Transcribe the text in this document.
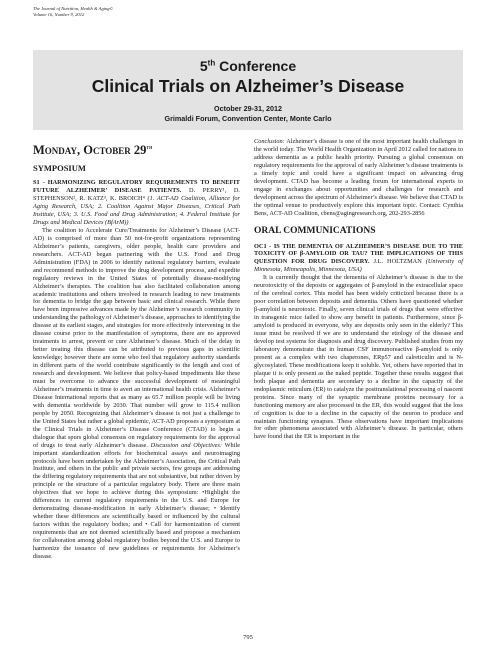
The Journal of Nutrition, Health & Aging©
Volume 16, Number 9, 2012
5th Conference
Clinical Trials on Alzheimer’s Disease
October 29-31, 2012
Grimaldi Forum, Convention Center, Monte Carlo
Monday, October 29th
SYMPOSIUM

S1 - HARMONIZING REGULATORY REQUIREMENTS TO BENEFIT FUTURE ALZHEIMER’ DISEASE PATIENTS. D. PERRY¹, D. STEPHENSON², R. KATZ³, K. BROICH⁴ (1. ACT-AD Coalition, Alliance for Aging Research, USA; 2. Coalition Against Major Diseases, Critical Path Institute, USA; 3. U.S. Food and Drug Administration; 4. Federal Institute for Drugs and Medical Devices (BfArM))

The coalition to Accelerate Cure/Treatments for Alzheimer’s Disease (ACT-AD) is comprised of more than 50 not-for-profit organizations representing Alzheimer’s patients, caregivers, older people, health care providers and researchers. ACT-AD began partnering with the U.S. Food and Drug Administration (FDA) in 2006 to identify national regulatory barriers, evaluate and recommend methods to improve the drug development process, and expedite regulatory reviews in the United States of potentially disease-modifying Alzheimer’s therapies. The coalition has also facilitated collaboration among academic institutions and others involved in research leading to new treatments for dementia to bridge the gap between basic and clinical research. While there have been impressive advances made by the Alzheimer’s research community in understanding the pathology of Alzheimer’s disease, approaches to identifying the disease at its earliest stages, and strategies for more effectively intervening in the disease course prior to the manifestation of symptoms, there are no approved treatments to arrest, prevent or cure Alzheimer’s disease. Much of the delay in better treating this disease can be attributed to previous gaps in scientific knowledge; however there are some who feel that regulatory authority standards in different parts of the world contribute significantly to the length and cost of research and development. We believe that policy-based impediments like these must be overcome to advance the successful development of meaningful Alzheimer’s treatments in time to avert an international health crisis. Alzheimer’s Disease International reports that as many as 65.7 million people will be living with dementia worldwide by 2030. That number will grow to 115.4 million people by 2050. Recognizing that Alzheimer’s disease is not just a challenge to the United States but rather a global epidemic, ACT-AD proposes a symposium at the Clinical Trials in Alzheimer’s Disease Conference (CTAD) to begin a dialogue that spurs global consensus on regulatory requirements for the approval of drugs to treat early Alzheimer’s disease. Discussion and Objectives: While important standardization efforts for biochemical assays and neuroimaging protocols have been undertaken by the Alzheimer’s Association, the Critical Path Institute, and others in the public and private sectors, few groups are addressing the differing regulatory requirements that are not substantive, but rather driven by principle or the structure of a particular regulatory body. There are three main objectives that we hope to achieve during this symposium: •Highlight the differences in current regulatory requirements in the U.S. and Europe for demonstrating disease-modification in early Alzheimer’s disease; • Identify whether these differences are scientifically based or influenced by the cultural factors within the regulatory bodies; and • Call for harmonization of current requirements that are not deemed scientifically based and propose a mechanism for collaboration among global regulatory bodies beyond the U.S. and Europe to harmonize the issuance of new guidelines or requirements for Alzheimer’s disease.

795

Conclusion: Alzheimer’s disease is one of the most important health challenges in the world today. The World Health Organization in April 2012 called for nations to address dementia as a public health priority. Pursuing a global consensus on regulatory requirements for the approval of early Alzheimer’s disease treatments is a timely topic and could have a significant impact on advancing drug development. CTAD has become a leading forum for international experts to engage in exchanges about opportunities and challenges for research and development across the spectrum of Alzheimer’s disease. We believe that CTAD is the optimal venue to productively explore this important topic. Contact: Cynthia Bens, ACT-AD Coalition, cbens@agingresearch.org, 202-293-2856

ORAL COMMUNICATIONS

OC1 - IS THE DEMENTIA OF ALZHEIMER’S DISEASE DUE TO THE TOXICITY OF β-AMYLOID OR TAU? THE IMPLICATIONS OF THIS QUESTION FOR DRUG DISCOVERY. J.L. HOLTZMAN (University of Minnesota, Minneapolis, Minnesota, USA)

It is currently thought that the dementia of Alzheimer’s disease is due to the neurotoxicity of the deposits or aggregates of β-amyloid in the extracellular space of the cerebral cortex. This model has been widely criticized because there is a poor correlation between deposits and dementia. Others have questioned whether β-amyloid is neurotoxic. Finally, seven clinical trials of drugs that were effective in transgenic mice failed to show any benefit in patients. Furthermore, since β-amyloid is produced in everyone, why are deposits only seen in the elderly? This issue must be resolved if we are to understand the etiology of the disease and develop test systems for diagnosis and drug discovery. Published studies from my laboratory demonstrate that in human CSF immunoreactive β-amyloid is only present as a complex with two chaperones, ERp57 and calreticulin and is N-glycosylated. These modifications keep it soluble. Yet, others have reported that in plaque it is only present as the naked peptide. Together these results suggest that both plaque and dementia are secondary to a decline in the capacity of the endoplasmic reticulum (ER) to catalyze the posttranslational processing of nascent proteins. Since many of the synaptic membrane proteins necessary for a functioning memory are also processed in the ER, this would suggest that the loss of cognition is due to a decline in the capacity of the neuron to produce and maintain functioning synapses. These observations have important implications for other phenomena associated with Alzheimer’s disease. In particular, others have found that the ER is important in the
